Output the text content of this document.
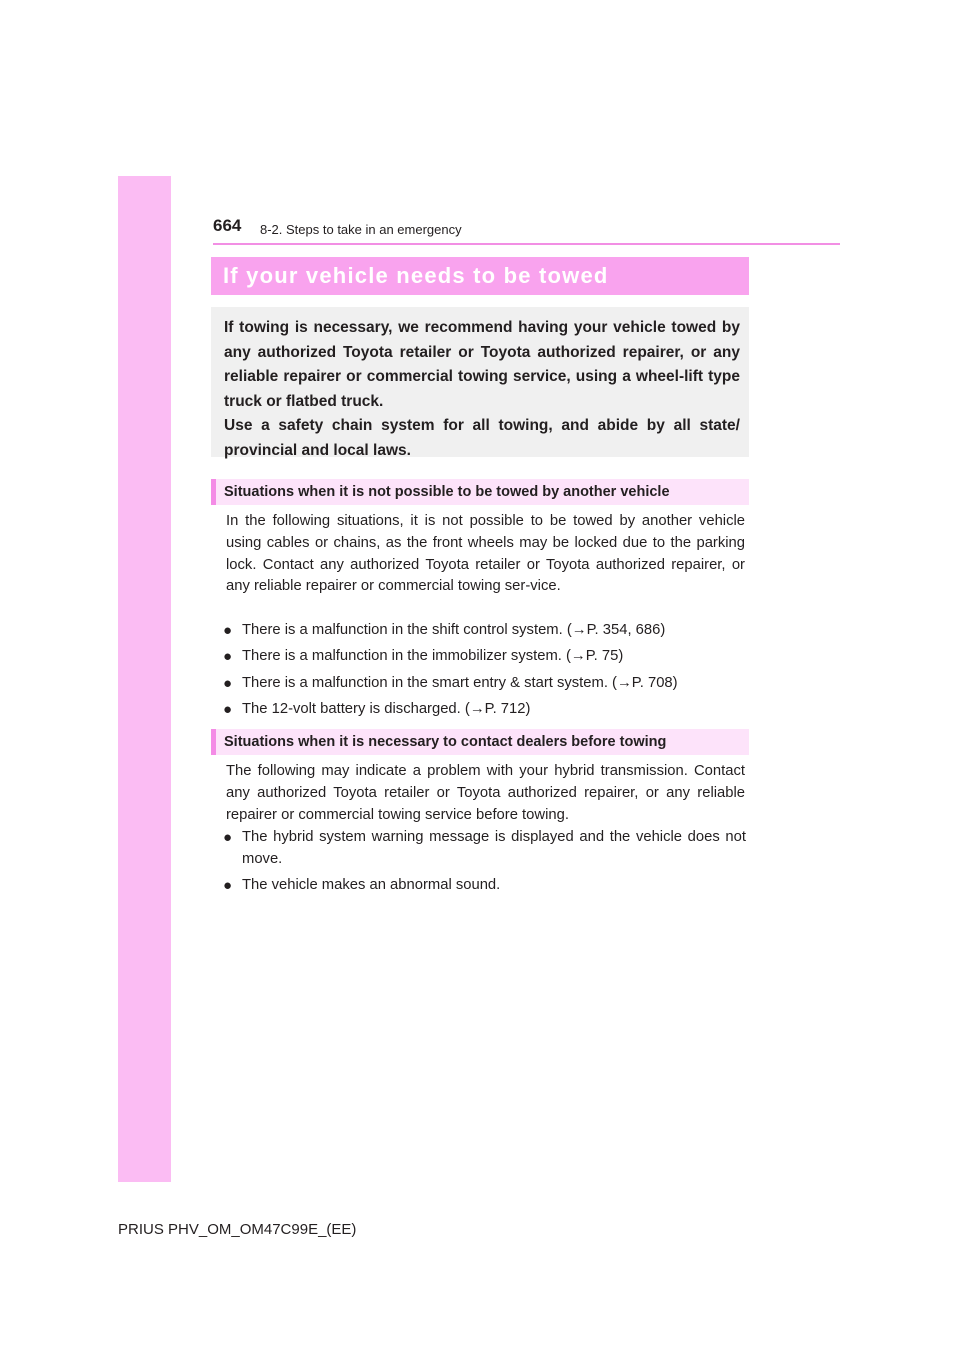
664 8-2. Steps to take in an emergency
If your vehicle needs to be towed

If towing is necessary, we recommend having your vehicle towed by any authorized Toyota retailer or Toyota authorized repairer, or any reliable repairer or commercial towing service, using a wheel-lift type truck or flatbed truck.

Use a safety chain system for all towing, and abide by all state/ provincial and local laws.

Situations when it is not possible to be towed by another vehicle

In the following situations, it is not possible to be towed by another vehicle using cables or chains, as the front wheels may be locked due to the parking lock. Contact any authorized Toyota retailer or Toyota authorized repairer, or any reliable repairer or commercial towing ser-vice.

● There is a malfunction in the shift control system. (→P. 354, 686)
● There is a malfunction in the immobilizer system. (→P. 75)
● There is a malfunction in the smart entry & start system. (→P. 708)
● The 12-volt battery is discharged. (→P. 712)
Situations when it is necessary to contact dealers before towing

The following may indicate a problem with your hybrid transmission. Contact any authorized Toyota retailer or Toyota authorized repairer, or any reliable repairer or commercial towing service before towing.

● The hybrid system warning message is displayed and the vehicle does not move.
● The vehicle makes an abnormal sound.
PRIUS PHV_OM_OM47C99E_(EE)
